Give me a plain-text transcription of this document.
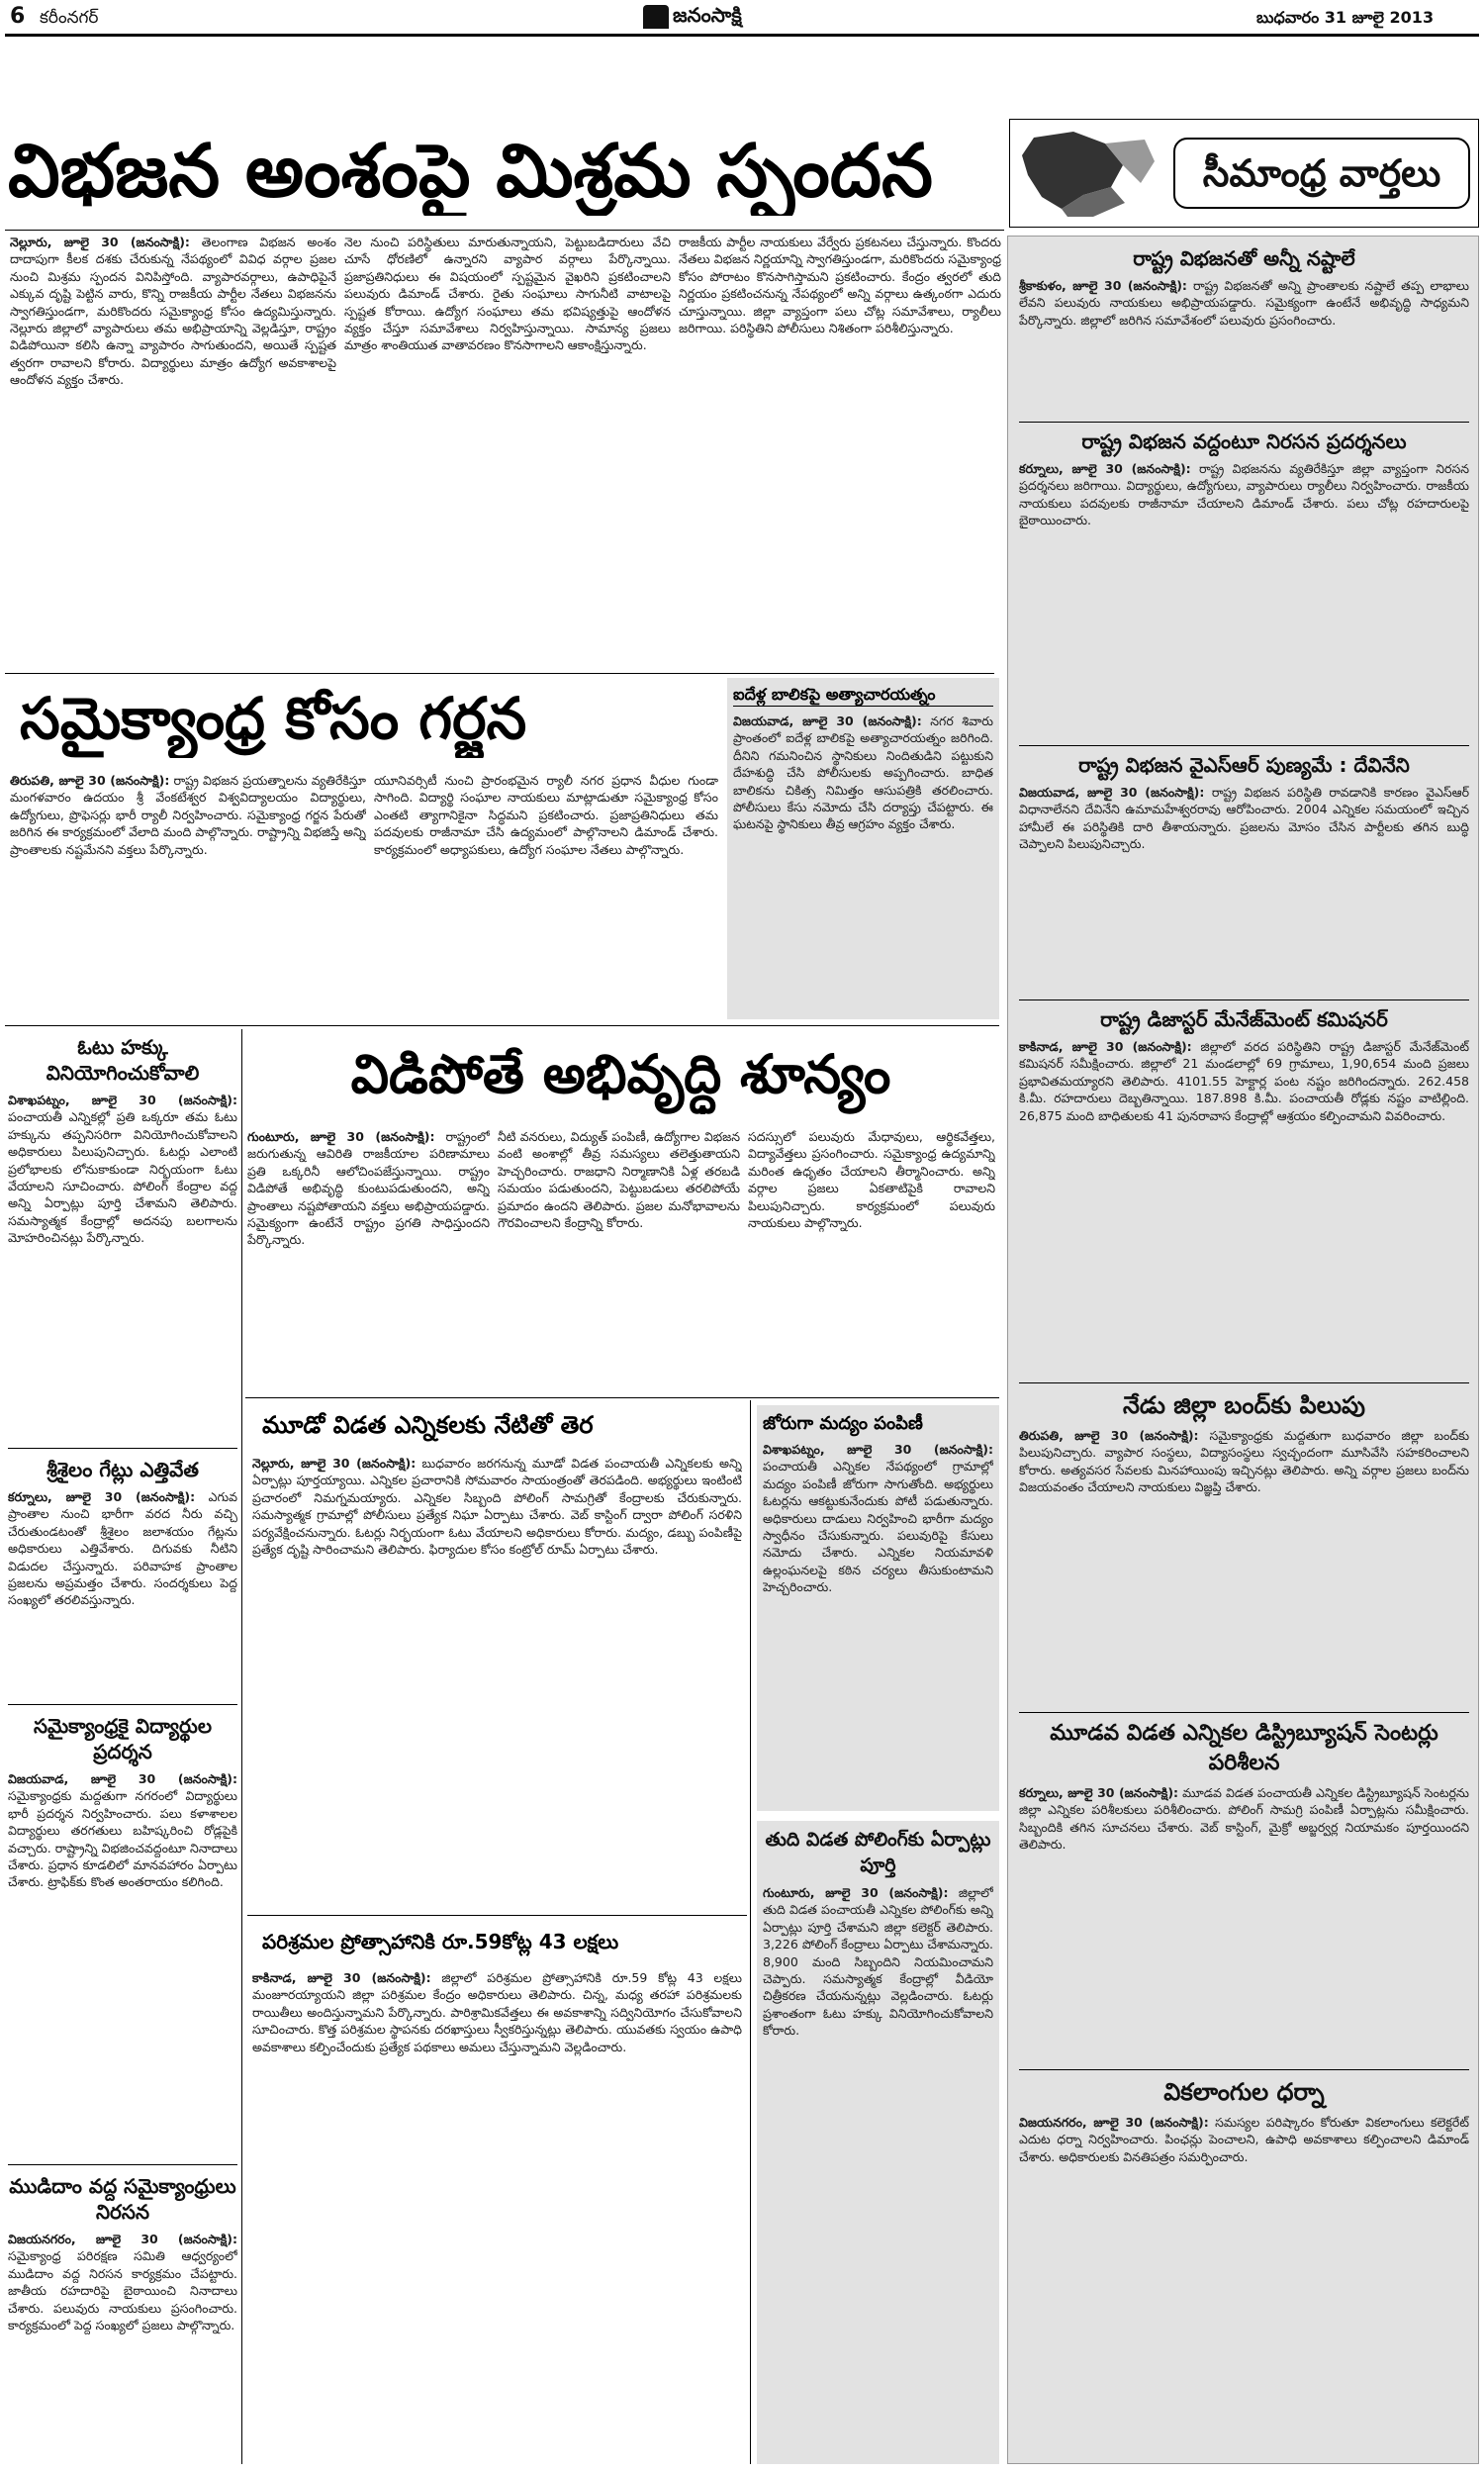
6 కరీంనగర్	జనంసాక్షి	బుధవారం 31 జూలై 2013
విభజన అంశంపై మిశ్రమ స్పందన
నెల్లూరు, జూలై 30 (జనంసాక్షి): తెలంగాణ విభజన అంశం దాదాపుగా కీలక దశకు చేరుకున్న నేపథ్యంలో వివిధ వర్గాల ప్రజల నుంచి మిశ్రమ స్పందన వినిపిస్తోంది. వ్యాపారవర్గాలు, ఉపాధిపైనే ఎక్కువ దృష్టి పెట్టిన వారు, కొన్ని రాజకీయ పార్టీల నేతలు విభజనను స్వాగతిస్తుండగా, మరికొందరు సమైక్యాంధ్ర కోసం ఉద్యమిస్తున్నారు. నెల్లూరు జిల్లాలో వ్యాపారులు తమ అభిప్రాయాన్ని వెల్లడిస్తూ, రాష్ట్రం విడిపోయినా కలిసి ఉన్నా వ్యాపారం సాగుతుందని, అయితే స్పష్టత త్వరగా రావాలని కోరారు. విద్యార్థులు మాత్రం ఉద్యోగ అవకాశాలపై ఆందోళన వ్యక్తం చేశారు.
నెల నుంచి పరిస్థితులు మారుతున్నాయని, పెట్టుబడిదారులు వేచి చూసే ధోరణిలో ఉన్నారని వ్యాపార వర్గాలు పేర్కొన్నాయి. ప్రజాప్రతినిధులు ఈ విషయంలో స్పష్టమైన వైఖరిని ప్రకటించాలని పలువురు డిమాండ్ చేశారు. రైతు సంఘాలు సాగునీటి వాటాలపై స్పష్టత కోరాయి. ఉద్యోగ సంఘాలు తమ భవిష్యత్తుపై ఆందోళన వ్యక్తం చేస్తూ సమావేశాలు నిర్వహిస్తున్నాయి. సామాన్య ప్రజలు మాత్రం శాంతియుత వాతావరణం కొనసాగాలని ఆకాంక్షిస్తున్నారు.
రాజకీయ పార్టీల నాయకులు వేర్వేరు ప్రకటనలు చేస్తున్నారు. కొందరు నేతలు విభజన నిర్ణయాన్ని స్వాగతిస్తుండగా, మరికొందరు సమైక్యాంధ్ర కోసం పోరాటం కొనసాగిస్తామని ప్రకటించారు. కేంద్రం త్వరలో తుది నిర్ణయం ప్రకటించనున్న నేపథ్యంలో అన్ని వర్గాలు ఉత్కంఠగా ఎదురు చూస్తున్నాయి. జిల్లా వ్యాప్తంగా పలు చోట్ల సమావేశాలు, ర్యాలీలు జరిగాయి. పరిస్థితిని పోలీసులు నిశితంగా పరిశీలిస్తున్నారు.
సీమాంధ్ర వార్తలు
సమైక్యాంధ్ర కోసం గర్జన
తిరుపతి, జూలై 30 (జనంసాక్షి): రాష్ట్ర విభజన ప్రయత్నాలను వ్యతిరేకిస్తూ మంగళవారం ఉదయం శ్రీ వేంకటేశ్వర విశ్వవిద్యాలయం విద్యార్థులు, ఉద్యోగులు, ప్రొఫెసర్లు భారీ ర్యాలీ నిర్వహించారు. సమైక్యాంధ్ర గర్జన పేరుతో జరిగిన ఈ కార్యక్రమంలో వేలాది మంది పాల్గొన్నారు. రాష్ట్రాన్ని విభజిస్తే అన్ని ప్రాంతాలకు నష్టమేనని వక్తలు పేర్కొన్నారు.
యూనివర్సిటీ నుంచి ప్రారంభమైన ర్యాలీ నగర ప్రధాన వీధుల గుండా సాగింది. విద్యార్థి సంఘాల నాయకులు మాట్లాడుతూ సమైక్యాంధ్ర కోసం ఎంతటి త్యాగానికైనా సిద్ధమని ప్రకటించారు. ప్రజాప్రతినిధులు తమ పదవులకు రాజీనామా చేసి ఉద్యమంలో పాల్గొనాలని డిమాండ్ చేశారు. కార్యక్రమంలో అధ్యాపకులు, ఉద్యోగ సంఘాల నేతలు పాల్గొన్నారు.
ఐదేళ్ల బాలికపై అత్యాచారయత్నం
విజయవాడ, జూలై 30 (జనంసాక్షి): నగర శివారు ప్రాంతంలో ఐదేళ్ల బాలికపై అత్యాచారయత్నం జరిగింది. దీనిని గమనించిన స్థానికులు నిందితుడిని పట్టుకుని దేహశుద్ధి చేసి పోలీసులకు అప్పగించారు. బాధిత బాలికను చికిత్స నిమిత్తం ఆసుపత్రికి తరలించారు. పోలీసులు కేసు నమోదు చేసి దర్యాప్తు చేపట్టారు. ఈ ఘటనపై స్థానికులు తీవ్ర ఆగ్రహం వ్యక్తం చేశారు.
ఓటు హక్కు వినియోగించుకోవాలి
విశాఖపట్నం, జూలై 30 (జనంసాక్షి): పంచాయతీ ఎన్నికల్లో ప్రతి ఒక్కరూ తమ ఓటు హక్కును తప్పనిసరిగా వినియోగించుకోవాలని అధికారులు పిలుపునిచ్చారు. ఓటర్లు ఎలాంటి ప్రలోభాలకు లోనుకాకుండా నిర్భయంగా ఓటు వేయాలని సూచించారు. పోలింగ్ కేంద్రాల వద్ద అన్ని ఏర్పాట్లు పూర్తి చేశామని తెలిపారు. సమస్యాత్మక కేంద్రాల్లో అదనపు బలగాలను మోహరించినట్లు పేర్కొన్నారు.
శ్రీశైలం గేట్లు ఎత్తివేత
కర్నూలు, జూలై 30 (జనంసాక్షి): ఎగువ ప్రాంతాల నుంచి భారీగా వరద నీరు వచ్చి చేరుతుండటంతో శ్రీశైలం జలాశయం గేట్లను అధికారులు ఎత్తివేశారు. దిగువకు నీటిని విడుదల చేస్తున్నారు. పరివాహక ప్రాంతాల ప్రజలను అప్రమత్తం చేశారు. సందర్శకులు పెద్ద సంఖ్యలో తరలివస్తున్నారు.
సమైక్యాంధ్రకై విద్యార్థుల ప్రదర్శన
విజయవాడ, జూలై 30 (జనంసాక్షి): సమైక్యాంధ్రకు మద్దతుగా నగరంలో విద్యార్థులు భారీ ప్రదర్శన నిర్వహించారు. పలు కళాశాలల విద్యార్థులు తరగతులు బహిష్కరించి రోడ్లపైకి వచ్చారు. రాష్ట్రాన్ని విభజించవద్దంటూ నినాదాలు చేశారు. ప్రధాన కూడలిలో మానవహారం ఏర్పాటు చేశారు. ట్రాఫిక్‌కు కొంత అంతరాయం కలిగింది.
ముడిదాం వద్ద సమైక్యాంధ్రులు నిరసన
విజయనగరం, జూలై 30 (జనంసాక్షి): సమైక్యాంధ్ర పరిరక్షణ సమితి ఆధ్వర్యంలో ముడిదాం వద్ద నిరసన కార్యక్రమం చేపట్టారు. జాతీయ రహదారిపై బైఠాయించి నినాదాలు చేశారు. పలువురు నాయకులు ప్రసంగించారు. కార్యక్రమంలో పెద్ద సంఖ్యలో ప్రజలు పాల్గొన్నారు.
విడిపోతే అభివృద్ధి శూన్యం
గుంటూరు, జూలై 30 (జనంసాక్షి): రాష్ట్రంలో జరుగుతున్న ఆవిరితి రాజకీయాల పరిణామాలు ప్రతి ఒక్కరినీ ఆలోచింపజేస్తున్నాయి. రాష్ట్రం విడిపోతే అభివృద్ధి కుంటుపడుతుందని, అన్ని ప్రాంతాలు నష్టపోతాయని వక్తలు అభిప్రాయపడ్డారు. సమైక్యంగా ఉంటేనే రాష్ట్రం ప్రగతి సాధిస్తుందని పేర్కొన్నారు.
నీటి వనరులు, విద్యుత్ పంపిణీ, ఉద్యోగాల విభజన వంటి అంశాల్లో తీవ్ర సమస్యలు తలెత్తుతాయని హెచ్చరించారు. రాజధాని నిర్మాణానికి ఏళ్ల తరబడి సమయం పడుతుందని, పెట్టుబడులు తరలిపోయే ప్రమాదం ఉందని తెలిపారు. ప్రజల మనోభావాలను గౌరవించాలని కేంద్రాన్ని కోరారు.
సదస్సులో పలువురు మేధావులు, ఆర్థికవేత్తలు, విద్యావేత్తలు ప్రసంగించారు. సమైక్యాంధ్ర ఉద్యమాన్ని మరింత ఉధృతం చేయాలని తీర్మానించారు. అన్ని వర్గాల ప్రజలు ఏకతాటిపైకి రావాలని పిలుపునిచ్చారు. కార్యక్రమంలో పలువురు నాయకులు పాల్గొన్నారు.
మూడో విడత ఎన్నికలకు నేటితో తెర
నెల్లూరు, జూలై 30 (జనంసాక్షి): బుధవారం జరగనున్న మూడో విడత పంచాయతీ ఎన్నికలకు అన్ని ఏర్పాట్లు పూర్తయ్యాయి. ఎన్నికల ప్రచారానికి సోమవారం సాయంత్రంతో తెరపడింది. అభ్యర్థులు ఇంటింటి ప్రచారంలో నిమగ్నమయ్యారు. ఎన్నికల సిబ్బంది పోలింగ్ సామగ్రితో కేంద్రాలకు చేరుకున్నారు. సమస్యాత్మక గ్రామాల్లో పోలీసులు ప్రత్యేక నిఘా ఏర్పాటు చేశారు. వెబ్ కాస్టింగ్ ద్వారా పోలింగ్ సరళిని పర్యవేక్షించనున్నారు. ఓటర్లు నిర్భయంగా ఓటు వేయాలని అధికారులు కోరారు. మద్యం, డబ్బు పంపిణీపై ప్రత్యేక దృష్టి సారించామని తెలిపారు. ఫిర్యాదుల కోసం కంట్రోల్ రూమ్ ఏర్పాటు చేశారు.
పరిశ్రమల ప్రోత్సాహానికి రూ.59కోట్ల 43 లక్షలు
కాకినాడ, జూలై 30 (జనంసాక్షి): జిల్లాలో పరిశ్రమల ప్రోత్సాహానికి రూ.59 కోట్ల 43 లక్షలు మంజూరయ్యాయని జిల్లా పరిశ్రమల కేంద్రం అధికారులు తెలిపారు. చిన్న, మధ్య తరహా పరిశ్రమలకు రాయితీలు అందిస్తున్నామని పేర్కొన్నారు. పారిశ్రామికవేత్తలు ఈ అవకాశాన్ని సద్వినియోగం చేసుకోవాలని సూచించారు. కొత్త పరిశ్రమల స్థాపనకు దరఖాస్తులు స్వీకరిస్తున్నట్లు తెలిపారు. యువతకు స్వయం ఉపాధి అవకాశాలు కల్పించేందుకు ప్రత్యేక పథకాలు అమలు చేస్తున్నామని వెల్లడించారు.
జోరుగా మద్యం పంపిణీ
విశాఖపట్నం, జూలై 30 (జనంసాక్షి): పంచాయతీ ఎన్నికల నేపథ్యంలో గ్రామాల్లో మద్యం పంపిణీ జోరుగా సాగుతోంది. అభ్యర్థులు ఓటర్లను ఆకట్టుకునేందుకు పోటీ పడుతున్నారు. అధికారులు దాడులు నిర్వహించి భారీగా మద్యం స్వాధీనం చేసుకున్నారు. పలువురిపై కేసులు నమోదు చేశారు. ఎన్నికల నియమావళి ఉల్లంఘనలపై కఠిన చర్యలు తీసుకుంటామని హెచ్చరించారు.
తుది విడత పోలింగ్‌కు ఏర్పాట్లు పూర్తి
గుంటూరు, జూలై 30 (జనంసాక్షి): జిల్లాలో తుది విడత పంచాయతీ ఎన్నికల పోలింగ్‌కు అన్ని ఏర్పాట్లు పూర్తి చేశామని జిల్లా కలెక్టర్ తెలిపారు. 3,226 పోలింగ్ కేంద్రాలు ఏర్పాటు చేశామన్నారు. 8,900 మంది సిబ్బందిని నియమించామని చెప్పారు. సమస్యాత్మక కేంద్రాల్లో వీడియో చిత్రీకరణ చేయనున్నట్లు వెల్లడించారు. ఓటర్లు ప్రశాంతంగా ఓటు హక్కు వినియోగించుకోవాలని కోరారు.
రాష్ట్ర విభజనతో అన్నీ నష్టాలే
శ్రీకాకుళం, జూలై 30 (జనంసాక్షి): రాష్ట్ర విభజనతో అన్ని ప్రాంతాలకు నష్టాలే తప్ప లాభాలు లేవని పలువురు నాయకులు అభిప్రాయపడ్డారు. సమైక్యంగా ఉంటేనే అభివృద్ధి సాధ్యమని పేర్కొన్నారు. జిల్లాలో జరిగిన సమావేశంలో పలువురు ప్రసంగించారు.
రాష్ట్ర విభజన వద్దంటూ నిరసన ప్రదర్శనలు
కర్నూలు, జూలై 30 (జనంసాక్షి): రాష్ట్ర విభజనను వ్యతిరేకిస్తూ జిల్లా వ్యాప్తంగా నిరసన ప్రదర్శనలు జరిగాయి. విద్యార్థులు, ఉద్యోగులు, వ్యాపారులు ర్యాలీలు నిర్వహించారు. రాజకీయ నాయకులు పదవులకు రాజీనామా చేయాలని డిమాండ్ చేశారు. పలు చోట్ల రహదారులపై బైఠాయించారు.
రాష్ట్ర విభజన వైఎస్‌ఆర్ పుణ్యమే : దేవినేని
విజయవాడ, జూలై 30 (జనంసాక్షి): రాష్ట్ర విభజన పరిస్థితి రావడానికి కారణం వైఎస్‌ఆర్ విధానాలేనని దేవినేని ఉమామహేశ్వరరావు ఆరోపించారు. 2004 ఎన్నికల సమయంలో ఇచ్చిన హామీలే ఈ పరిస్థితికి దారి తీశాయన్నారు. ప్రజలను మోసం చేసిన పార్టీలకు తగిన బుద్ధి చెప్పాలని పిలుపునిచ్చారు.
రాష్ట్ర డిజాస్టర్ మేనేజ్‌మెంట్ కమిషనర్
కాకినాడ, జూలై 30 (జనంసాక్షి): జిల్లాలో వరద పరిస్థితిని రాష్ట్ర డిజాస్టర్ మేనేజ్‌మెంట్ కమిషనర్ సమీక్షించారు. జిల్లాలో 21 మండలాల్లో 69 గ్రామాలు, 1,90,654 మంది ప్రజలు ప్రభావితమయ్యారని తెలిపారు. 4101.55 హెక్టార్ల పంట నష్టం జరిగిందన్నారు. 262.458 కి.మీ. రహదారులు దెబ్బతిన్నాయి. 187.898 కి.మీ. పంచాయతీ రోడ్లకు నష్టం వాటిల్లింది. 26,875 మంది బాధితులకు 41 పునరావాస కేంద్రాల్లో ఆశ్రయం కల్పించామని వివరించారు.
నేడు జిల్లా బంద్‌కు పిలుపు
తిరుపతి, జూలై 30 (జనంసాక్షి): సమైక్యాంధ్రకు మద్దతుగా బుధవారం జిల్లా బంద్‌కు పిలుపునిచ్చారు. వ్యాపార సంస్థలు, విద్యాసంస్థలు స్వచ్ఛందంగా మూసివేసి సహకరించాలని కోరారు. అత్యవసర సేవలకు మినహాయింపు ఇచ్చినట్లు తెలిపారు. అన్ని వర్గాల ప్రజలు బంద్‌ను విజయవంతం చేయాలని నాయకులు విజ్ఞప్తి చేశారు.
మూడవ విడత ఎన్నికల డిస్ట్రిబ్యూషన్ సెంటర్లు పరిశీలన
కర్నూలు, జూలై 30 (జనంసాక్షి): మూడవ విడత పంచాయతీ ఎన్నికల డిస్ట్రిబ్యూషన్ సెంటర్లను జిల్లా ఎన్నికల పరిశీలకులు పరిశీలించారు. పోలింగ్ సామగ్రి పంపిణీ ఏర్పాట్లను సమీక్షించారు. సిబ్బందికి తగిన సూచనలు చేశారు. వెబ్ కాస్టింగ్, మైక్రో అబ్జర్వర్ల నియామకం పూర్తయిందని తెలిపారు.
వికలాంగుల ధర్నా
విజయనగరం, జూలై 30 (జనంసాక్షి): సమస్యల పరిష్కారం కోరుతూ వికలాంగులు కలెక్టరేట్ ఎదుట ధర్నా నిర్వహించారు. పింఛన్లు పెంచాలని, ఉపాధి అవకాశాలు కల్పించాలని డిమాండ్ చేశారు. అధికారులకు వినతిపత్రం సమర్పించారు.
